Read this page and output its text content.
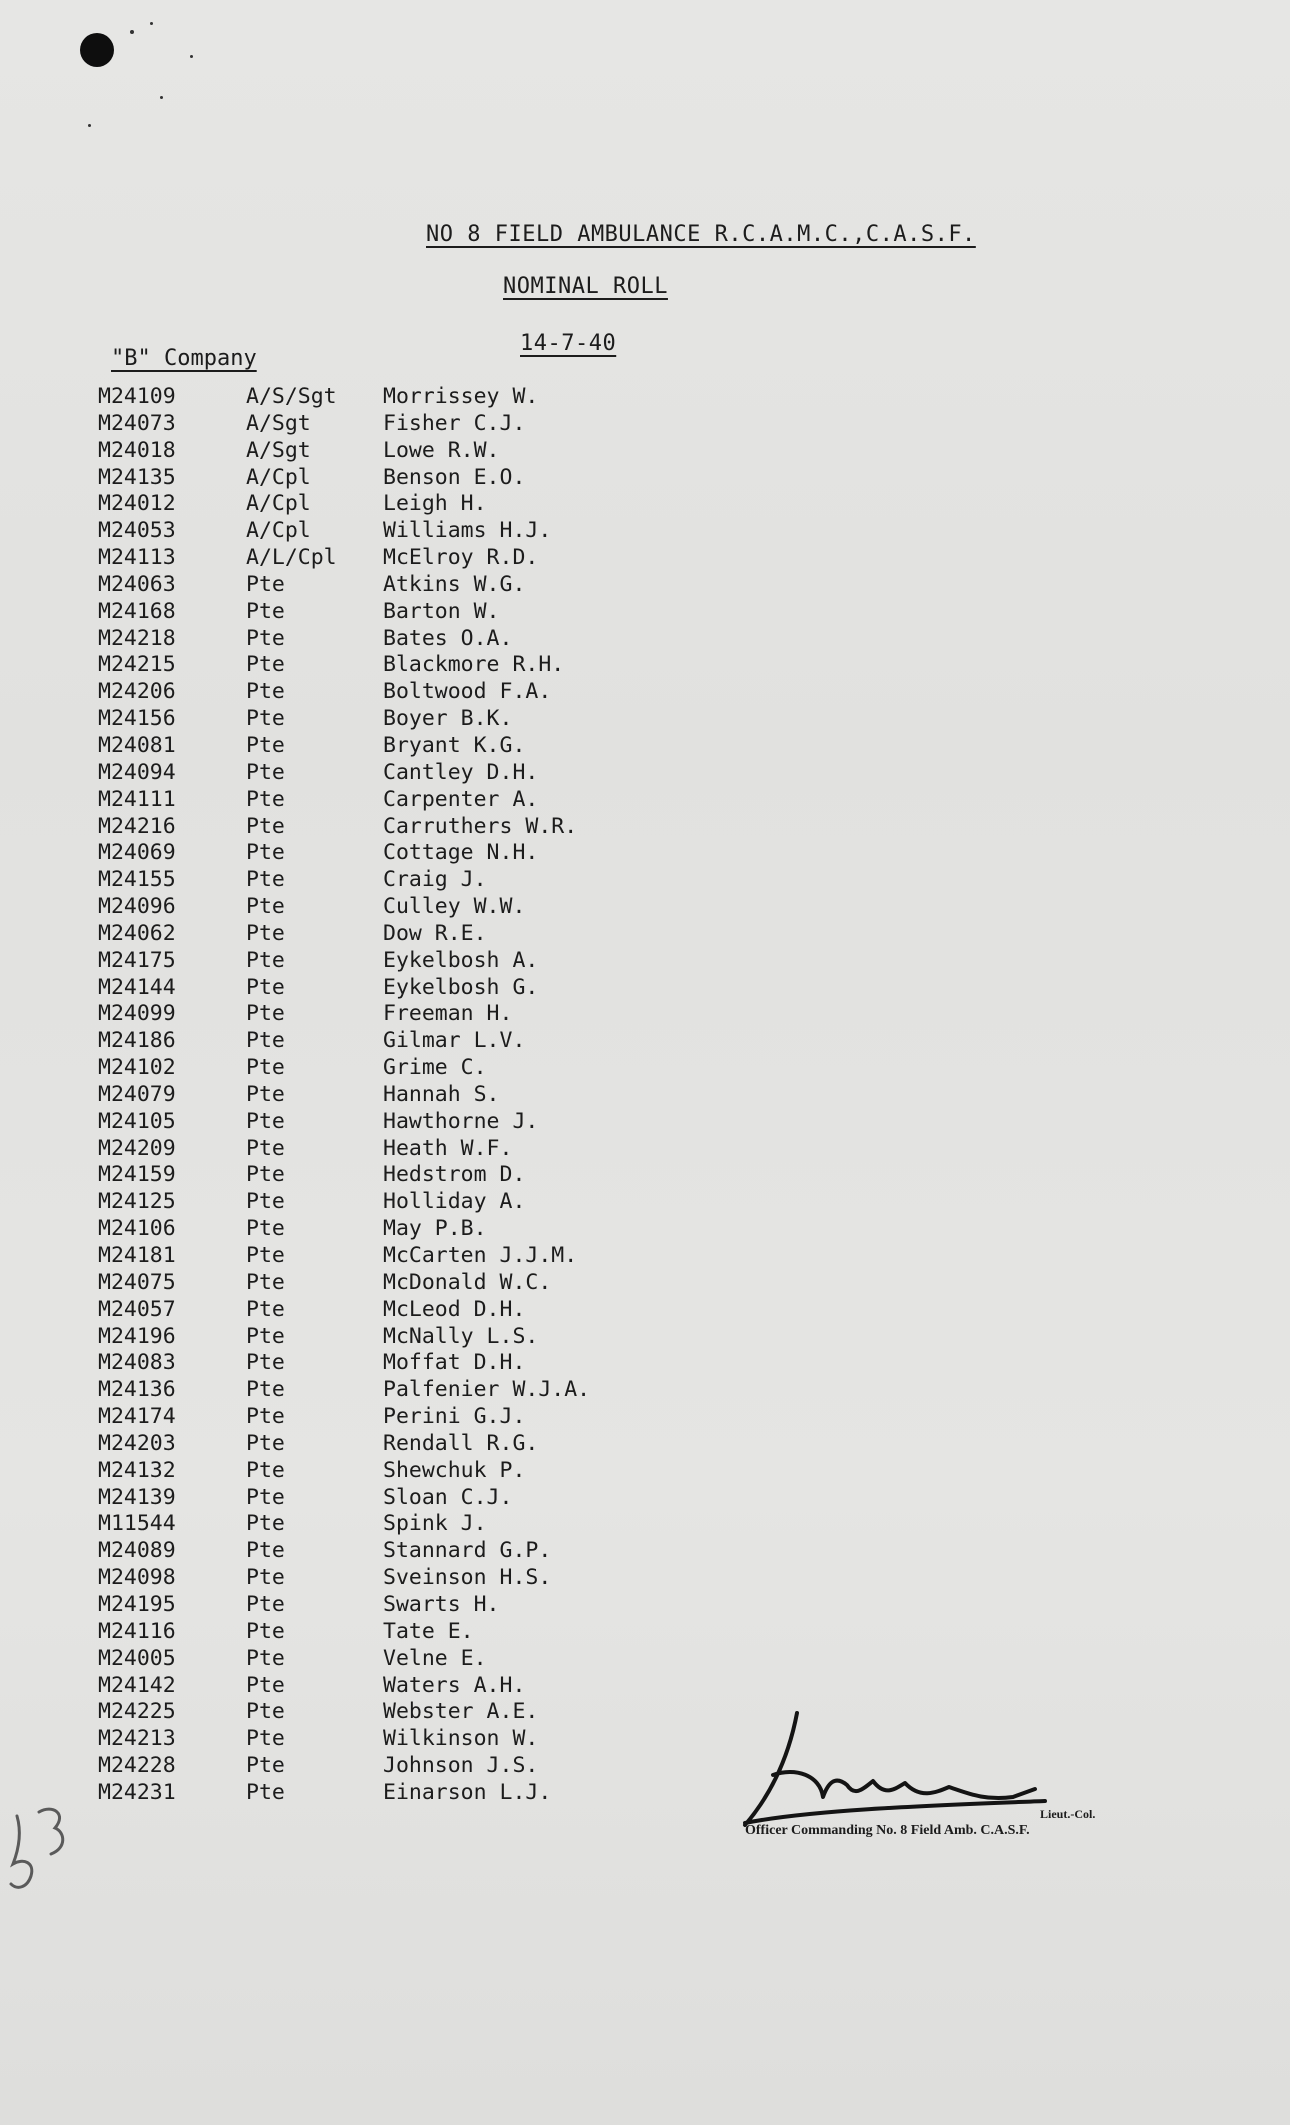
NO 8 FIELD AMBULANCE R.C.A.M.C.,C.A.S.F.
NOMINAL ROLL
14-7-40
"B" Company
M24109	A/S/Sgt Morrissey W.
M24073	A/Sgt	Fisher C.J.
M24018	A/Sgt	Lowe R.W.
M24135	A/Cpl	Benson E.O.
M24012	A/Cpl	Leigh H.
M24053	A/Cpl	Williams H.J.
M24113	A/L/Cpl McElroy R.D.
M24063	Pte	Atkins W.G.
M24168	Pte	Barton W.
M24218	Pte	Bates O.A.
M24215	Pte	Blackmore R.H.
M24206	Pte	Boltwood F.A.
M24156	Pte	Boyer B.K.
M24081	Pte	Bryant K.G.
M24094	Pte	Cantley D.H.
M24111	Pte	Carpenter A.
M24216	Pte	Carruthers W.R.
M24069	Pte	Cottage N.H.
M24155	Pte	Craig J.
M24096	Pte	Culley W.W.
M24062	Pte	Dow R.E.
M24175	Pte	Eykelbosh A.
M24144	Pte	Eykelbosh G.
M24099	Pte	Freeman H.
M24186	Pte	Gilmar L.V.
M24102	Pte	Grime C.
M24079	Pte	Hannah S.
M24105	Pte	Hawthorne J.
M24209	Pte	Heath W.F.
M24159	Pte	Hedstrom D.
M24125	Pte	Holliday A.
M24106	Pte	May P.B.
M24181	Pte	McCarten J.J.M.
M24075	Pte	McDonald W.C.
M24057	Pte	McLeod D.H.
M24196	Pte	McNally L.S.
M24083	Pte	Moffat D.H.
M24136	Pte	Palfenier W.J.A.
M24174	Pte	Perini G.J.
M24203	Pte	Rendall R.G.
M24132	Pte	Shewchuk P.
M24139	Pte	Sloan C.J.
M11544	Pte	Spink J.
M24089	Pte	Stannard G.P.
M24098	Pte	Sveinson H.S.
M24195	Pte	Swarts H.
M24116	Pte	Tate E.
M24005	Pte	Velne E.
M24142	Pte	Waters A.H.
M24225	Pte	Webster A.E.
M24213	Pte	Wilkinson W.
M24228	Pte	Johnson J.S.
M24231	Pte	Einarson L.J.
Lieut.-Col.
Officer Commanding No. 8 Field Amb. C.A.S.F.
